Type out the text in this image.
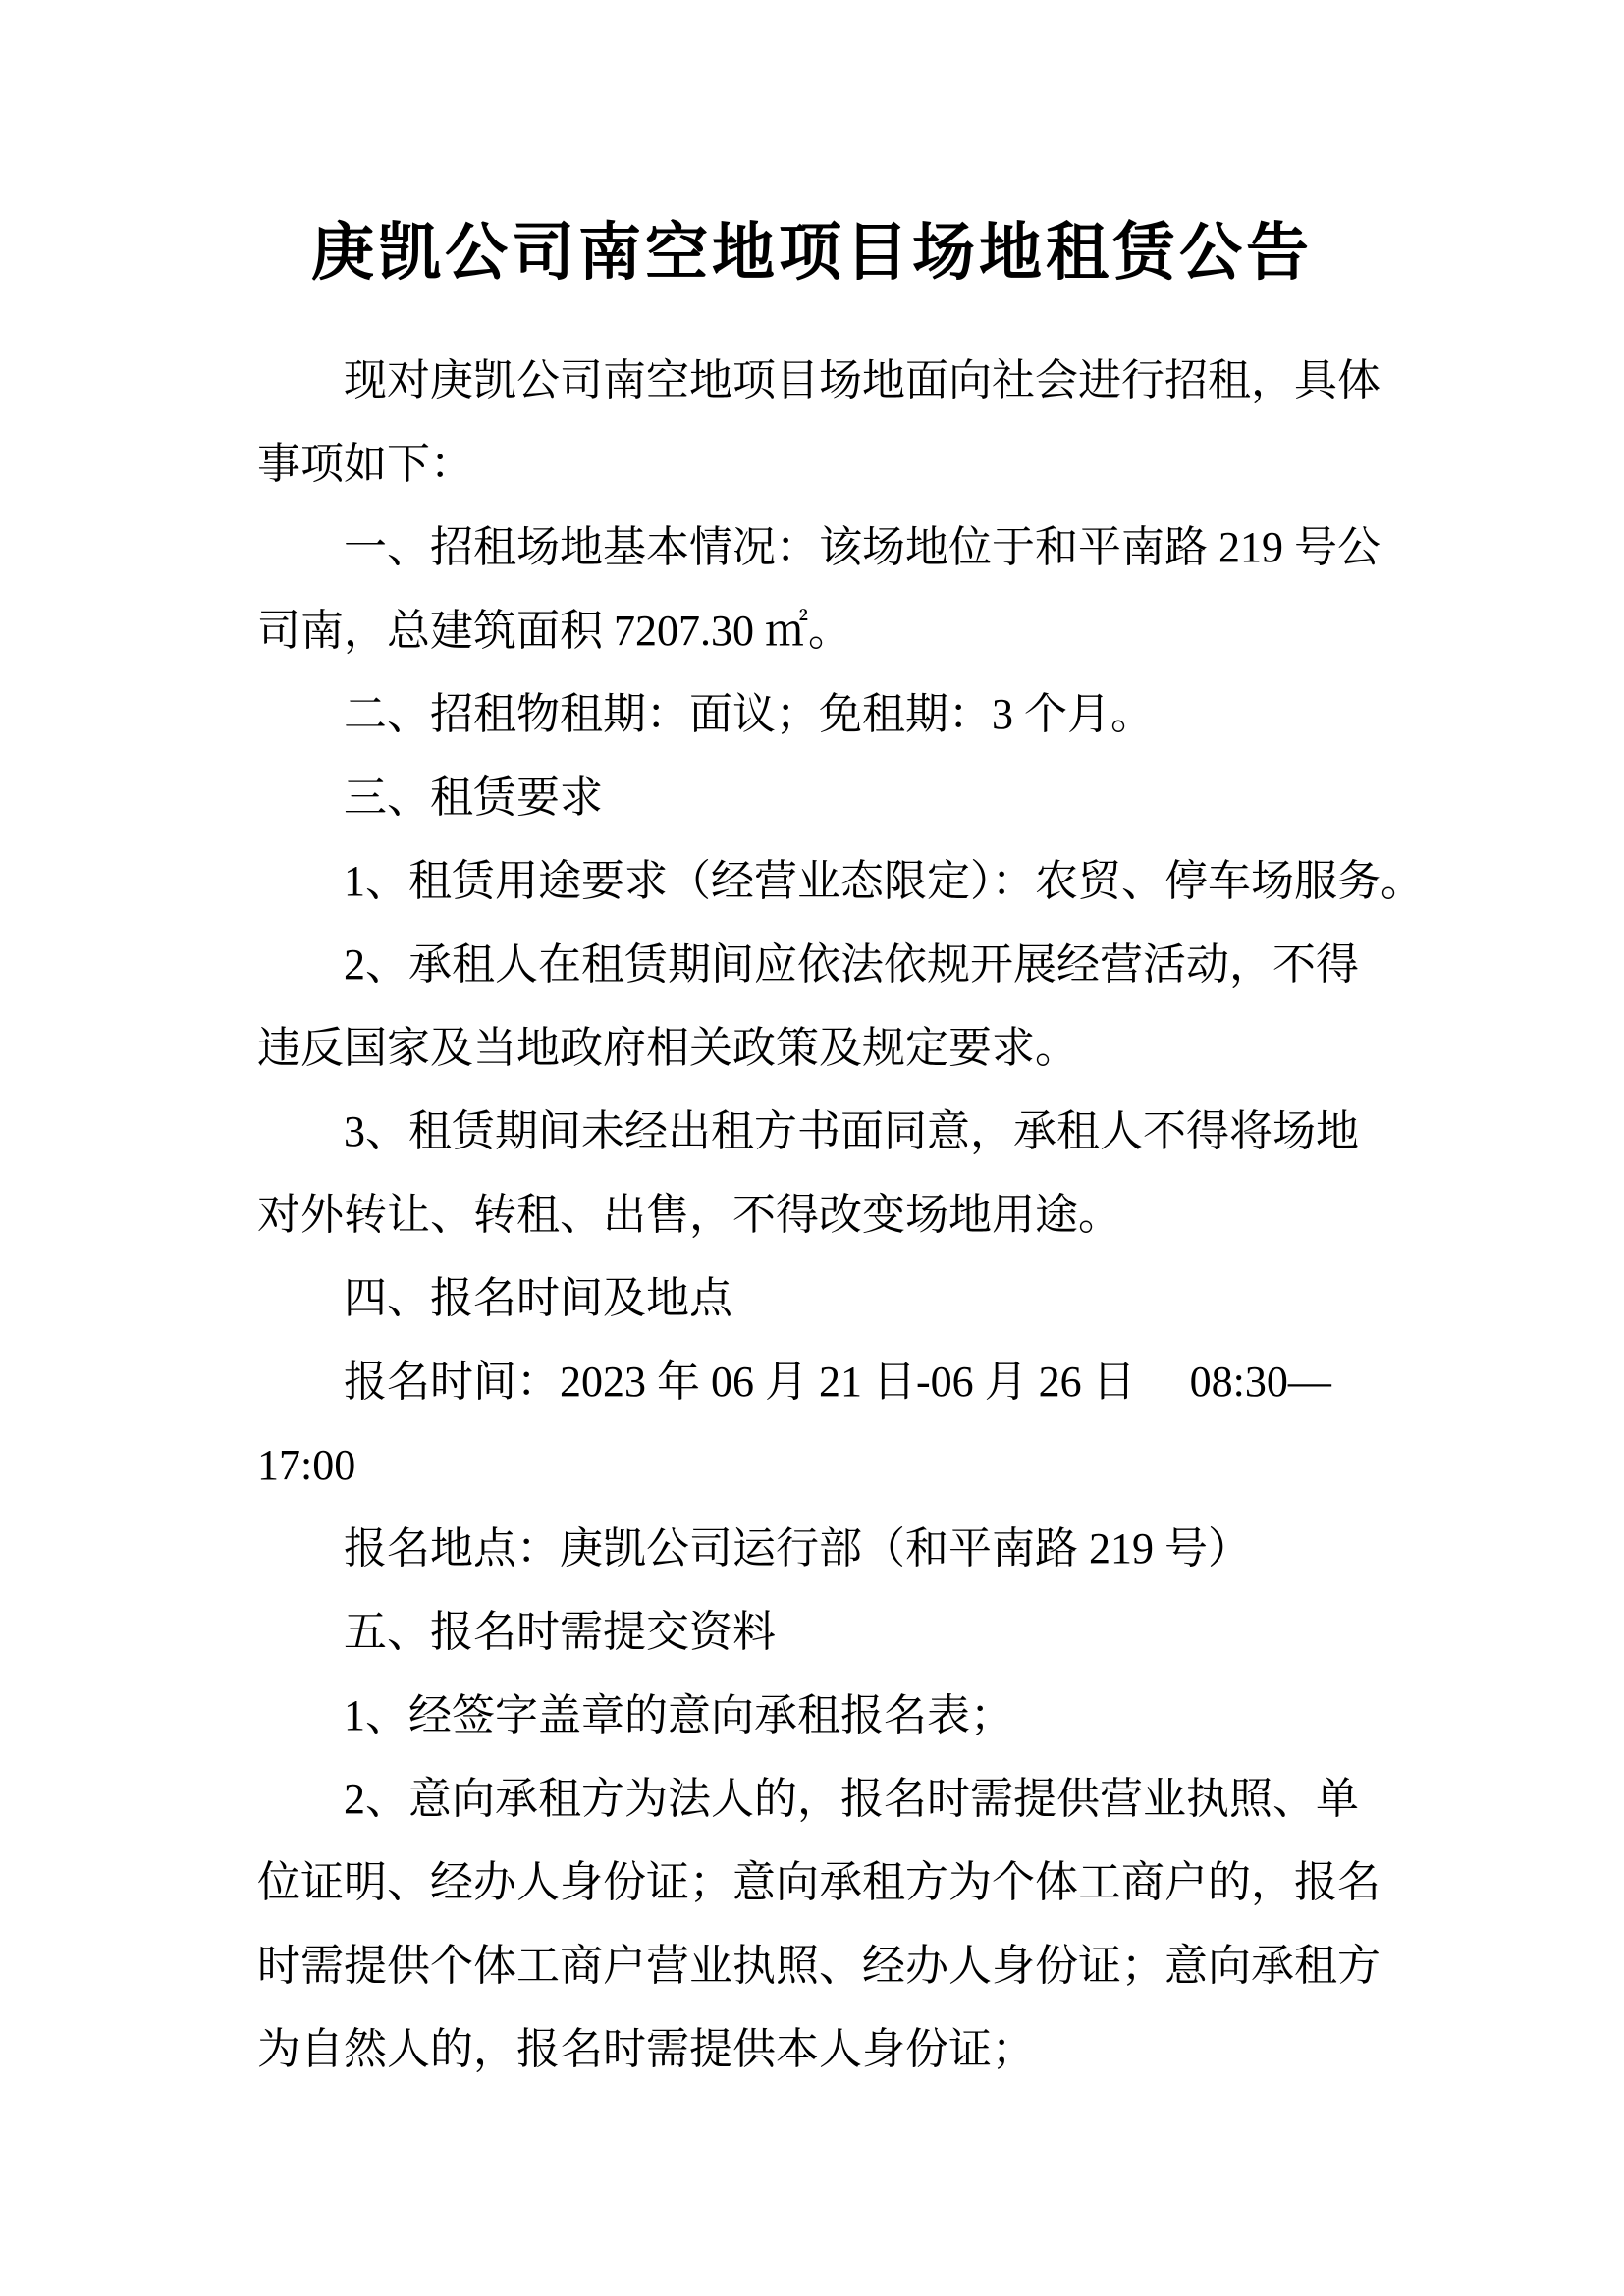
庚凯公司南空地项目场地租赁公告
现对庚凯公司南空地项目场地面向社会进行招租，具体
事项如下：
一、招租场地基本情况：该场地位于和平南路 219 号公
司南，总建筑面积 7207.30 ㎡。
二、招租物租期：面议；免租期：3 个月。
三、租赁要求
1、租赁用途要求（经营业态限定）：农贸、停车场服务。
2、承租人在租赁期间应依法依规开展经营活动，不得
违反国家及当地政府相关政策及规定要求。
3、租赁期间未经出租方书面同意，承租人不得将场地
对外转让、转租、出售，不得改变场地用途。
四、报名时间及地点
报名时间：2023 年 06 月 21 日-06 月 26 日     08:30—
17:00
报名地点：庚凯公司运行部（和平南路 219 号）
五、报名时需提交资料
1、经签字盖章的意向承租报名表；
2、意向承租方为法人的，报名时需提供营业执照、单
位证明、经办人身份证；意向承租方为个体工商户的，报名
时需提供个体工商户营业执照、经办人身份证；意向承租方
为自然人的，报名时需提供本人身份证；
